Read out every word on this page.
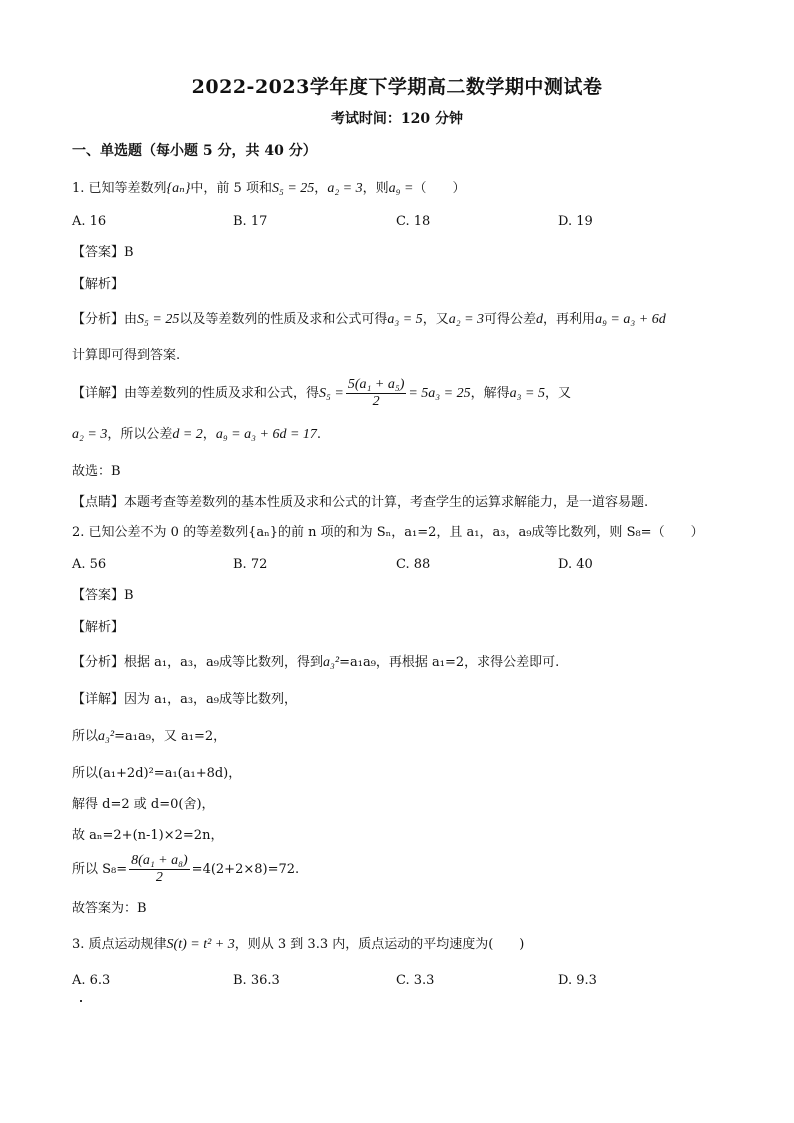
2022-2023学年度下学期高二数学期中测试卷
考试时间：120 分钟
一、单选题（每小题 5 分，共 40 分）
1. 已知等差数列{aₙ}中，前 5 项和S₅ = 25，a₂ = 3，则a₉ =（　　）
A. 16	B. 17	C. 18	D. 19
【答案】B
【解析】
【分析】由S₅ = 25以及等差数列的性质及求和公式可得a₃ = 5，又a₂ = 3可得公差d，再利用a₉ = a₃ + 6d
计算即可得到答案.
【详解】由等差数列的性质及求和公式，得$S_5 = \frac{\text{5(a₁ + a₅)}}{2} = 5a_3 = 25$，解得a₃ = 5，又
a₂ = 3，所以公差d = 2，a₉ = a₃ + 6d = 17.
故选：B
【点睛】本题考查等差数列的基本性质及求和公式的计算，考查学生的运算求解能力，是一道容易题.
2. 已知公差不为 0 的等差数列{aₙ}的前 n 项的和为 Sₙ，a₁=2，且 a₁，a₃，a₉成等比数列，则 S₈=（　　）
A. 56	B. 72	C. 88	D. 40
【答案】B
【解析】
【分析】根据 a₁，a₃，a₉成等比数列，得到a₃²=a₁a₉，再根据 a₁=2，求得公差即可.
【详解】因为 a₁，a₃，a₉成等比数列，
所以a₃²=a₁a₉，又 a₁=2，
所以(a₁+2d)²=a₁(a₁+8d)，
解得 d=2 或 d=0(舍)，
故 aₙ=2+(n-1)×2=2n，
所以 $S_8= \frac{\text{8(a₁ + a₈)}}{2} =4(2+2\times 8)=72$.
故答案为：B
3. 质点运动规律S(t) = t² + 3，则从 3 到 3.3 内，质点运动的平均速度为(　　)
A. 6.3	B. 36.3	C. 3.3	D. 9.3
